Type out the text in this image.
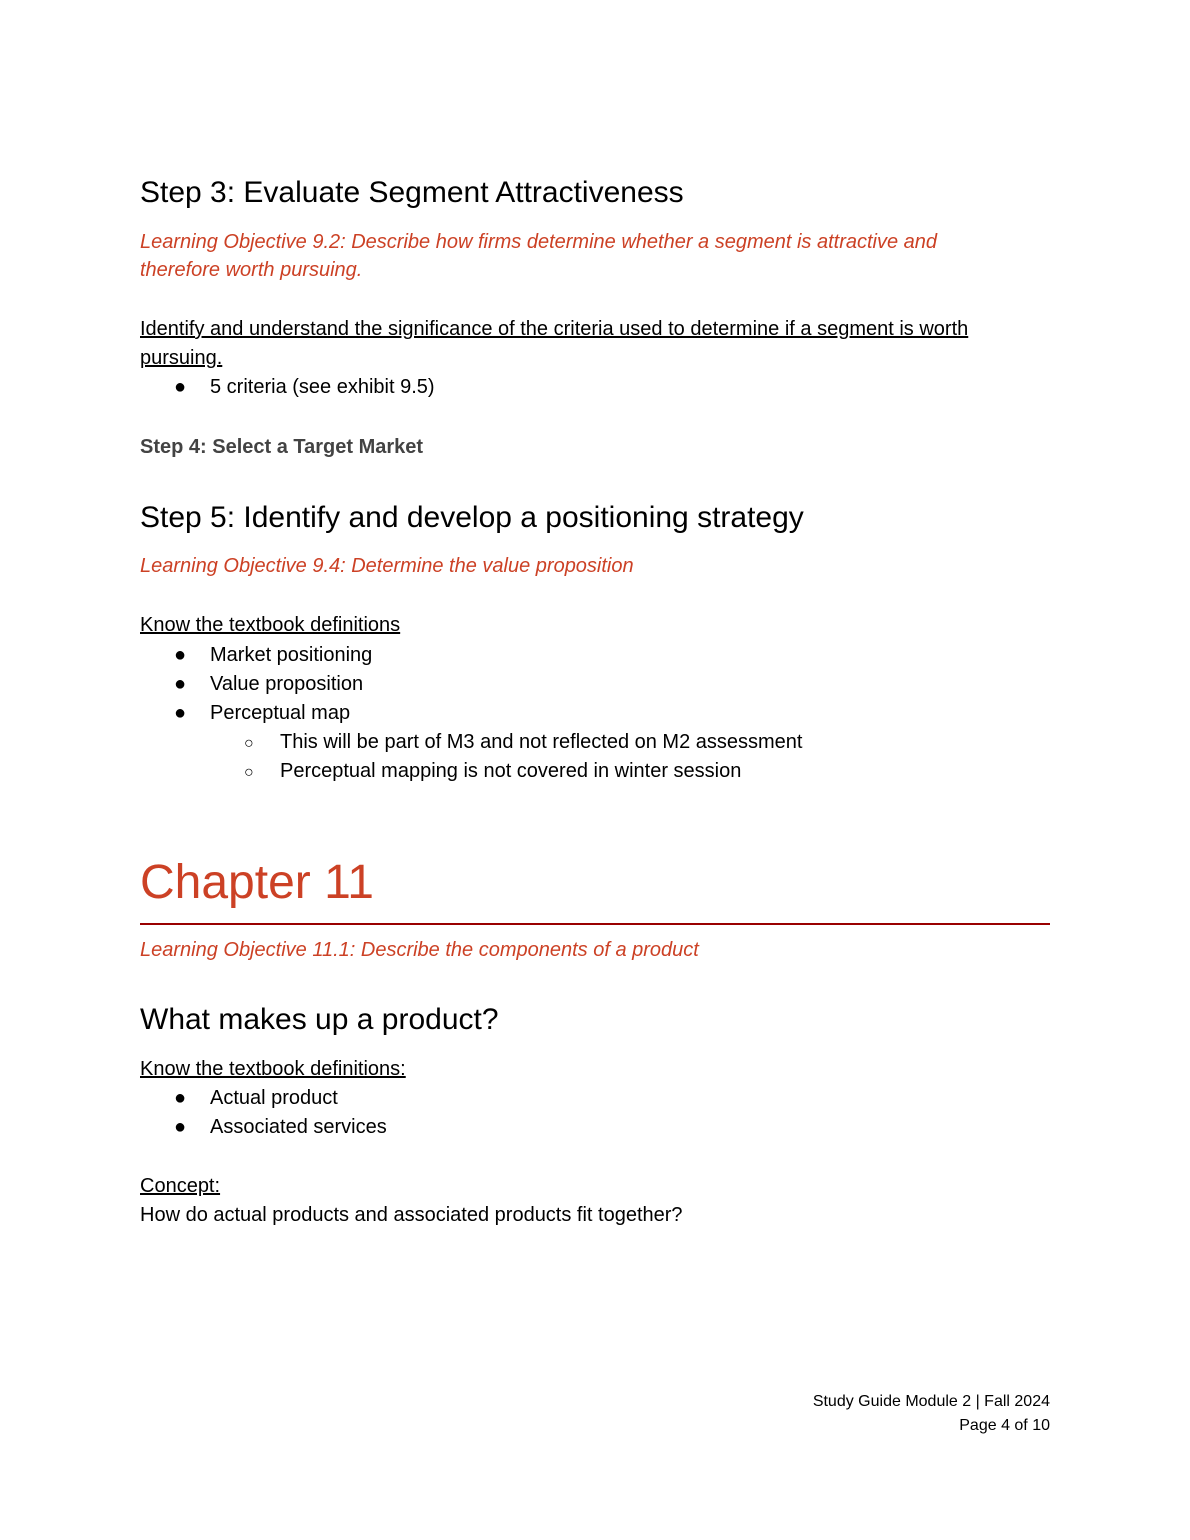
Step 3: Evaluate Segment Attractiveness
Learning Objective 9.2: Describe how firms determine whether a segment is attractive and
therefore worth pursuing.
Identify and understand the significance of the criteria used to determine if a segment is worth
pursuing.
● 5 criteria (see exhibit 9.5)
Step 4: Select a Target Market
Step 5: Identify and develop a positioning strategy
Learning Objective 9.4: Determine the value proposition
Know the textbook definitions
● Market positioning
● Value proposition
● Perceptual map
○ This will be part of M3 and not reflected on M2 assessment
○ Perceptual mapping is not covered in winter session
Chapter 11
Learning Objective 11.1: Describe the components of a product
What makes up a product?
Know the textbook definitions:
● Actual product
● Associated services
Concept:
How do actual products and associated products fit together?
Study Guide Module 2 | Fall 2024
Page 4 of 10
